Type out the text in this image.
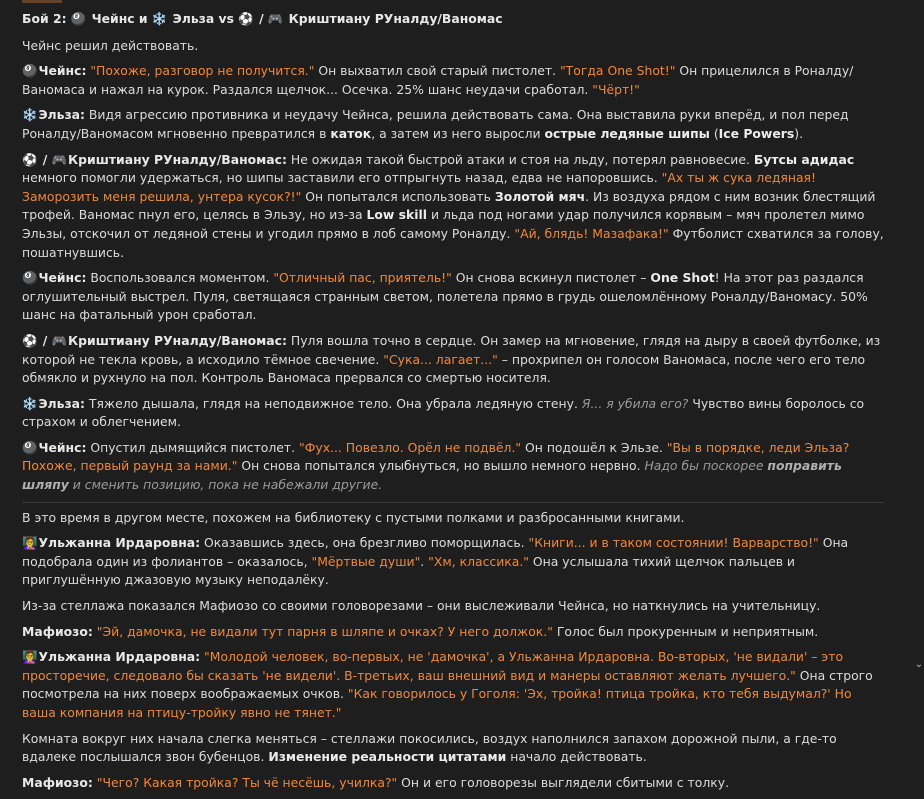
Бой 2: 🎱 Чейнс и ❄️ Эльза vs ⚽ / 🎮 Криштиану РУналду/Ваномас

Чейнс решил действовать.

🎱Чейнс: "Похоже, разговор не получится." Он выхватил свой старый пистолет. "Тогда One Shot!" Он прицелился в Роналду/Ваномаса и нажал на курок. Раздался щелчок... Осечка. 25% шанс неудачи сработал. "Чёрт!"

❄️Эльза: Видя агрессию противника и неудачу Чейнса, решила действовать сама. Она выставила руки вперёд, и пол перед Роналду/Ваномасом мгновенно превратился в каток, а затем из него выросли острые ледяные шипы (Ice Powers).

⚽ / 🎮Криштиану РУналду/Ваномас: Не ожидая такой быстрой атаки и стоя на льду, потерял равновесие. Бутсы адидас немного помогли удержаться, но шипы заставили его отпрыгнуть назад, едва не напоровшись. "Ах ты ж сука ледяная! Заморозить меня решила, унтера кусок?!" Он попытался использовать Золотой мяч. Из воздуха рядом с ним возник блестящий трофей. Ваномас пнул его, целясь в Эльзу, но из-за Low skill и льда под ногами удар получился корявым – мяч пролетел мимо Эльзы, отскочил от ледяной стены и угодил прямо в лоб самому Роналду. "Ай, блядь! Мазафака!" Футболист схватился за голову, пошатнувшись.

🎱Чейнс: Воспользовался моментом. "Отличный пас, приятель!" Он снова вскинул пистолет – One Shot! На этот раз раздался оглушительный выстрел. Пуля, светящаяся странным светом, полетела прямо в грудь ошеломлённому Роналду/Ваномасу. 50% шанс на фатальный урон сработал.

⚽ / 🎮Криштиану РУналду/Ваномас: Пуля вошла точно в сердце. Он замер на мгновение, глядя на дыру в своей футболке, из которой не текла кровь, а исходило тёмное свечение. "Сука... лагает..." – прохрипел он голосом Ваномаса, после чего его тело обмякло и рухнуло на пол. Контроль Ваномаса прервался со смертью носителя.

❄️Эльза: Тяжело дышала, глядя на неподвижное тело. Она убрала ледяную стену. Я... я убила его? Чувство вины боролось со страхом и облегчением.

🎱Чейнс: Опустил дымящийся пистолет. "Фух... Повезло. Орёл не подвёл." Он подошёл к Эльзе. "Вы в порядке, леди Эльза? Похоже, первый раунд за нами." Он снова попытался улыбнуться, но вышло немного нервно. Надо бы поскорее поправить шляпу и сменить позицию, пока не набежали другие.

В это время в другом месте, похожем на библиотеку с пустыми полками и разбросанными книгами.

👩‍🏫Ульжанна Ирдаровна: Оказавшись здесь, она брезгливо поморщилась. "Книги... и в таком состоянии! Варварство!" Она подобрала один из фолиантов – оказалось, "Мёртвые души". "Хм, классика." Она услышала тихий щелчок пальцев и приглушённую джазовую музыку неподалёку.

Из-за стеллажа показался Мафиозо со своими головорезами – они выслеживали Чейнса, но наткнулись на учительницу.

Мафиозо: "Эй, дамочка, не видали тут парня в шляпе и очках? У него должок." Голос был прокуренным и неприятным.

👩‍🏫Ульжанна Ирдаровна: "Молодой человек, во-первых, не 'дамочка', а Ульжанна Ирдаровна. Во-вторых, 'не видали' – это просторечие, следовало бы сказать 'не видели'. В-третьих, ваш внешний вид и манеры оставляют желать лучшего." Она строго посмотрела на них поверх воображаемых очков. "Как говорилось у Гоголя: 'Эх, тройка! птица тройка, кто тебя выдумал?' Но ваша компания на птицу-тройку явно не тянет."

Комната вокруг них начала слегка меняться – стеллажи покосились, воздух наполнился запахом дорожной пыли, а где-то вдалеке послышался звон бубенцов. Изменение реальности цитатами начало действовать.

Мафиозо: "Чего? Какая тройка? Ты чё несёшь, училка?" Он и его головорезы выглядели сбитыми с толку.

⌄
